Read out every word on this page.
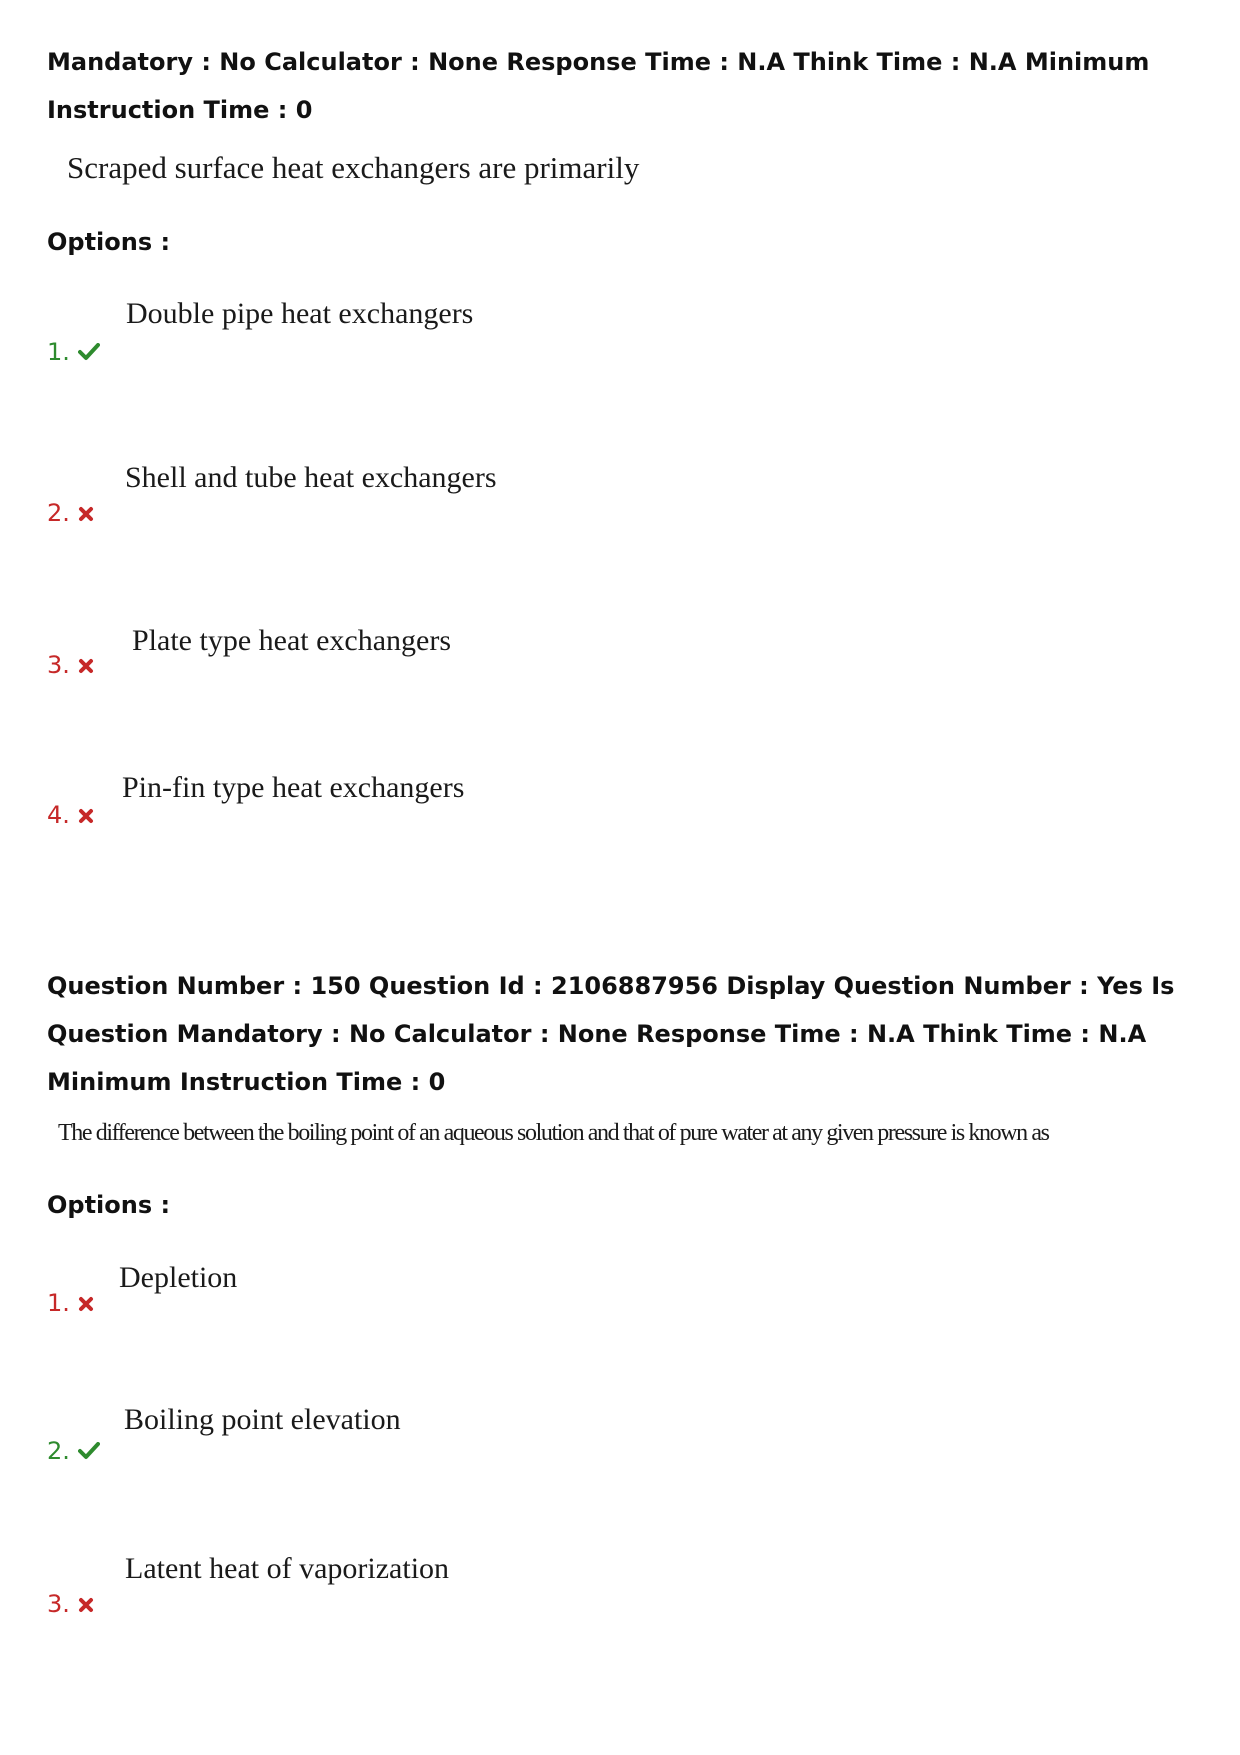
Mandatory : No Calculator : None Response Time : N.A Think Time : N.A Minimum Instruction Time : 0

Scraped surface heat exchangers are primarily
Options :
1.
Double pipe heat exchangers
2.
Shell and tube heat exchangers
3.
Plate type heat exchangers
4.
Pin-fin type heat exchangers

Question Number : 150 Question Id : 2106887956 Display Question Number : Yes Is Question Mandatory : No Calculator : None Response Time : N.A Think Time : N.A Minimum Instruction Time : 0

The difference between the boiling point of an aqueous solution and that of pure water at any given pressure is known as
Options :
1.
Depletion
2.
Boiling point elevation
3.
Latent heat of vaporization
